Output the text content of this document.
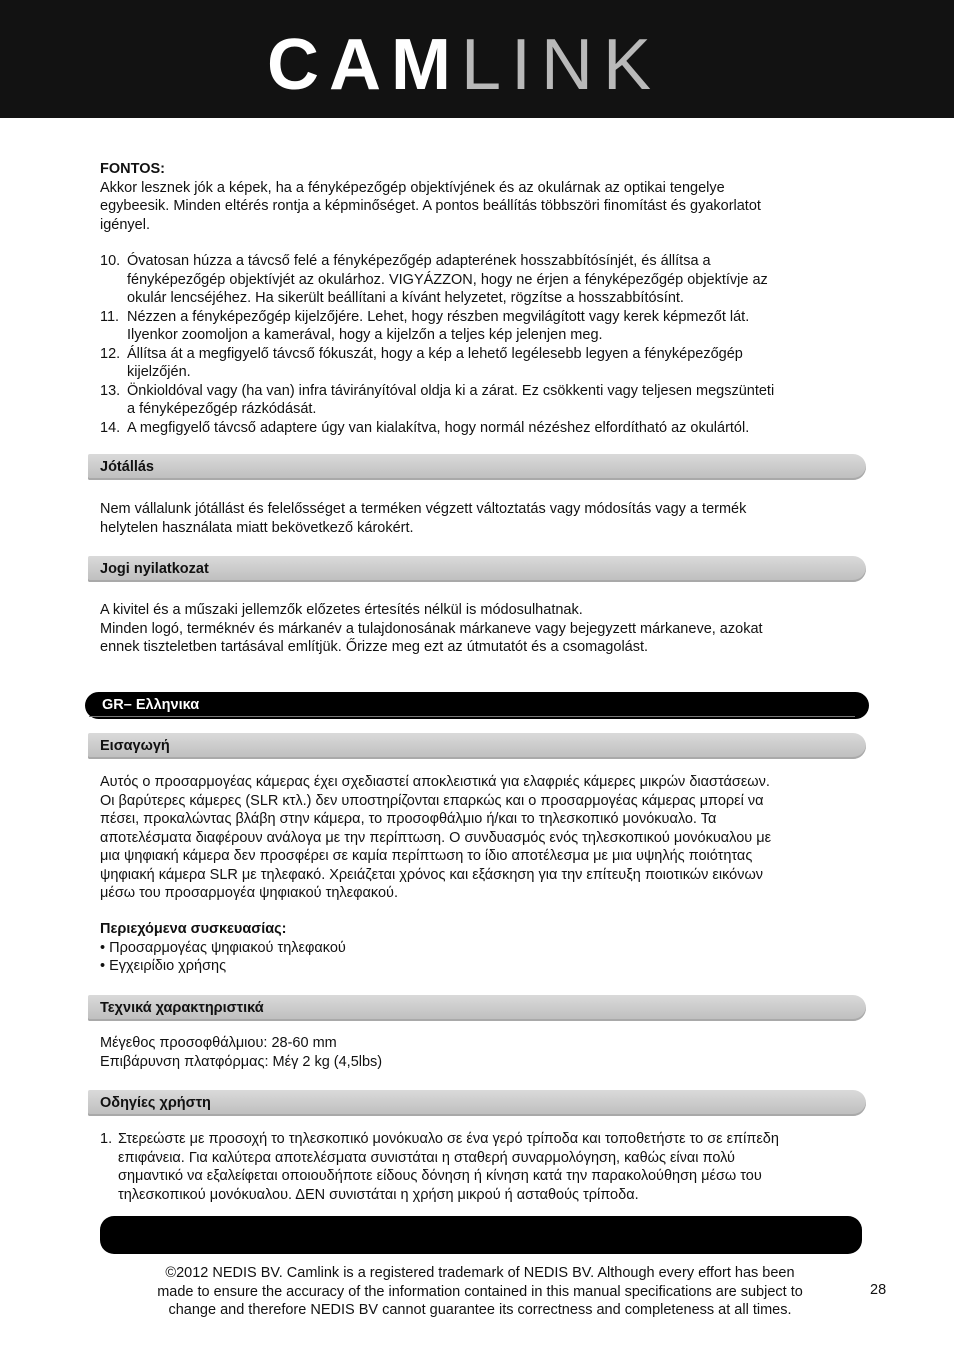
CAMLINK
FONTOS:
Akkor lesznek jók a képek, ha a fényképezőgép objektívjének és az okulárnak az optikai tengelye
egybeesik. Minden eltérés rontja a képminőséget. A pontos beállítás többszöri finomítást és gyakorlatot
igényel.
10. Óvatosan húzza a távcső felé a fényképezőgép adapterének hosszabbítósínjét, és állítsa a
fényképezőgép objektívjét az okulárhoz. VIGYÁZZON, hogy ne érjen a fényképezőgép objektívje az
okulár lencséjéhez. Ha sikerült beállítani a kívánt helyzetet, rögzítse a hosszabbítósínt.
11. Nézzen a fényképezőgép kijelzőjére. Lehet, hogy részben megvilágított vagy kerek képmezőt lát.
Ilyenkor zoomoljon a kamerával, hogy a kijelzőn a teljes kép jelenjen meg.
12. Állítsa át a megfigyelő távcső fókuszát, hogy a kép a lehető legélesebb legyen a fényképezőgép
kijelzőjén.
13. Önkioldóval vagy (ha van) infra távirányítóval oldja ki a zárat. Ez csökkenti vagy teljesen megszünteti
a fényképezőgép rázkódását.
14. A megfigyelő távcső adaptere úgy van kialakítva, hogy normál nézéshez elfordítható az okulártól.
Jótállás
Nem vállalunk jótállást és felelősséget a terméken végzett változtatás vagy módosítás vagy a termék
helytelen használata miatt bekövetkező károkért.
Jogi nyilatkozat
A kivitel és a műszaki jellemzők előzetes értesítés nélkül is módosulhatnak.
Minden logó, terméknév és márkanév a tulajdonosának márkaneve vagy bejegyzett márkaneve, azokat
ennek tiszteletben tartásával említjük. Őrizze meg ezt az útmutatót és a csomagolást.
GR– Ελληνικα
Εισαγωγή
Αυτός ο προσαρμογέας κάμερας έχει σχεδιαστεί αποκλειστικά για ελαφριές κάμερες μικρών διαστάσεων.
Οι βαρύτερες κάμερες (SLR κτλ.) δεν υποστηρίζονται επαρκώς και ο προσαρμογέας κάμερας μπορεί να
πέσει, προκαλώντας βλάβη στην κάμερα, το προσοφθάλμιο ή/και το τηλεσκοπικό μονόκυαλο. Τα
αποτελέσματα διαφέρουν ανάλογα με την περίπτωση. Ο συνδυασμός ενός τηλεσκοπικού μονόκυαλου με
μια ψηφιακή κάμερα δεν προσφέρει σε καμία περίπτωση το ίδιο αποτέλεσμα με μια υψηλής ποιότητας
ψηφιακή κάμερα SLR με τηλεφακό. Χρειάζεται χρόνος και εξάσκηση για την επίτευξη ποιοτικών εικόνων
μέσω του προσαρμογέα ψηφιακού τηλεφακού.
Περιεχόμενα συσκευασίας:
• Προσαρμογέας ψηφιακού τηλεφακού
• Εγχειρίδιο χρήσης
Τεχνικά χαρακτηριστικά
Μέγεθος προσοφθάλμιου: 28-60 mm
Επιβάρυνση πλατφόρμας: Μέγ 2 kg (4,5lbs)
Οδηγίες χρήστη
1. Στερεώστε με προσοχή το τηλεσκοπικό μονόκυαλο σε ένα γερό τρίποδα και τοποθετήστε το σε επίπεδη
επιφάνεια. Για καλύτερα αποτελέσματα συνιστάται η σταθερή συναρμολόγηση, καθώς είναι πολύ
σημαντικό να εξαλείφεται οποιουδήποτε είδους δόνηση ή κίνηση κατά την παρακολούθηση μέσω του
τηλεσκοπικού μονόκυαλου. ΔΕΝ συνιστάται η χρήση μικρού ή ασταθούς τρίποδα.
©2012 NEDIS BV. Camlink is a registered trademark of NEDIS BV. Although every effort has been
made to ensure the accuracy of the information contained in this manual specifications are subject to
change and therefore NEDIS BV cannot guarantee its correctness and completeness at all times.
28
